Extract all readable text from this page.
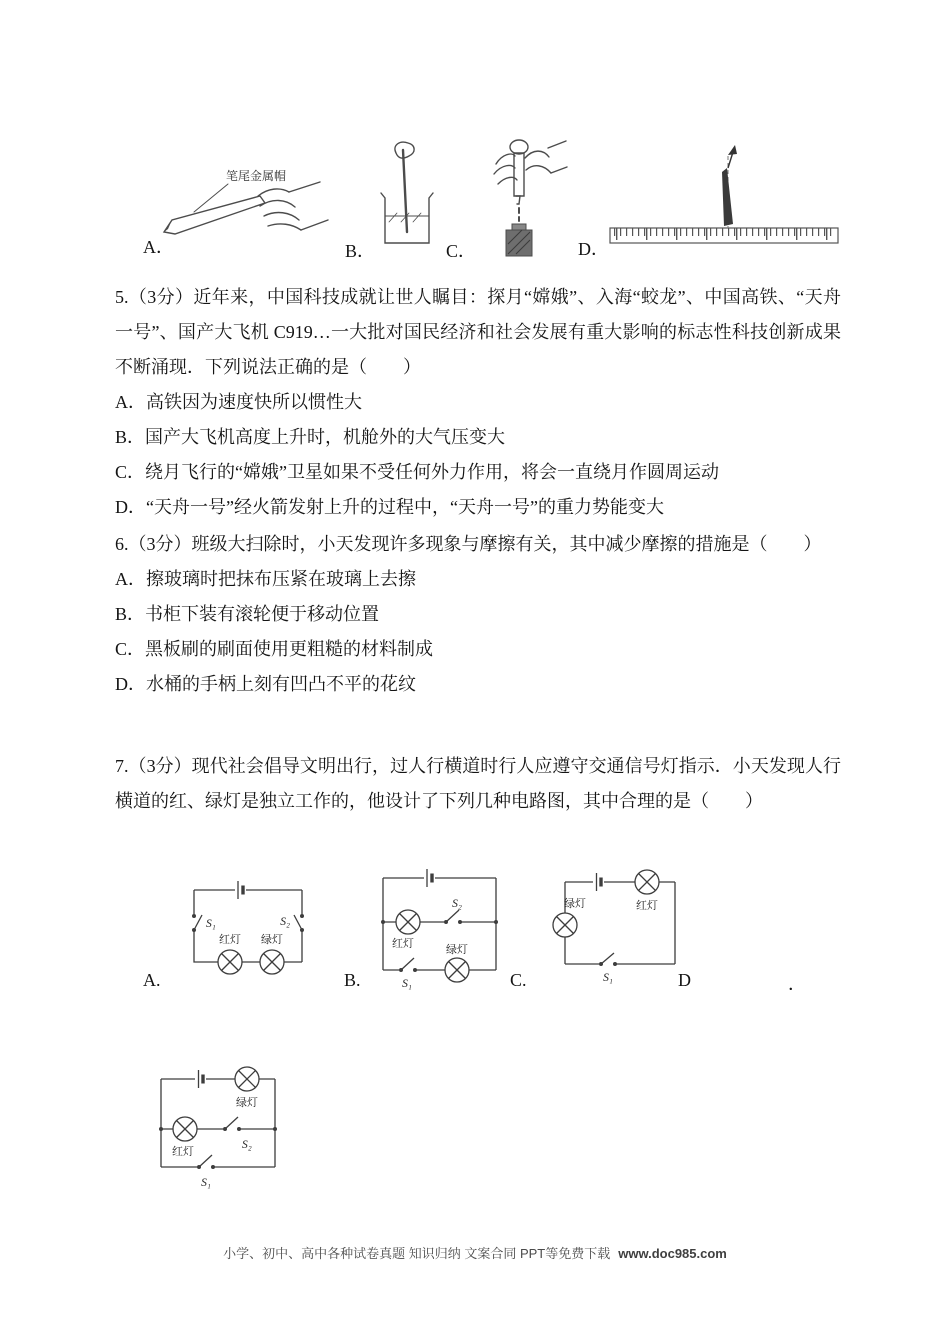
A．
笔尾金属帽
B．	C．	D．

5.（3分）近年来，中国科技成就让世人瞩目：探月“嫦娥”、入海“蛟龙”、中国高铁、“天舟一号”、国产大飞机 C919…一大批对国民经济和社会发展有重大影响的标志性科技创新成果不断涌现．下列说法正确的是（　　）

A．高铁因为速度快所以惯性大

B．国产大飞机高度上升时，机舱外的大气压变大

C．绕月飞行的“嫦娥”卫星如果不受任何外力作用，将会一直绕月作圆周运动

D．“天舟一号”经火箭发射上升的过程中，“天舟一号”的重力势能变大

6.（3分）班级大扫除时，小天发现许多现象与摩擦有关，其中减少摩擦的措施是（　　）

A．擦玻璃时把抹布压紧在玻璃上去擦

B．书柜下装有滚轮便于移动位置

C．黑板刷的刷面使用更粗糙的材料制成

D．水桶的手柄上刻有凹凸不平的花纹

7.（3分）现代社会倡导文明出行，过人行横道时行人应遵守交通信号灯指示．小天发现人行横道的红、绿灯是独立工作的，他设计了下列几种电路图，其中合理的是（　　）

A.
S₁	S₂
红灯 绿灯
B.
红灯
S₂
S₁
绿灯
C.
红灯
绿灯
S₁	D	．
绿灯
红灯
S₂
S₁
小学、初中、高中各种试卷真题 知识归纳 文案合同 PPT等免费下载 www.doc985.com
